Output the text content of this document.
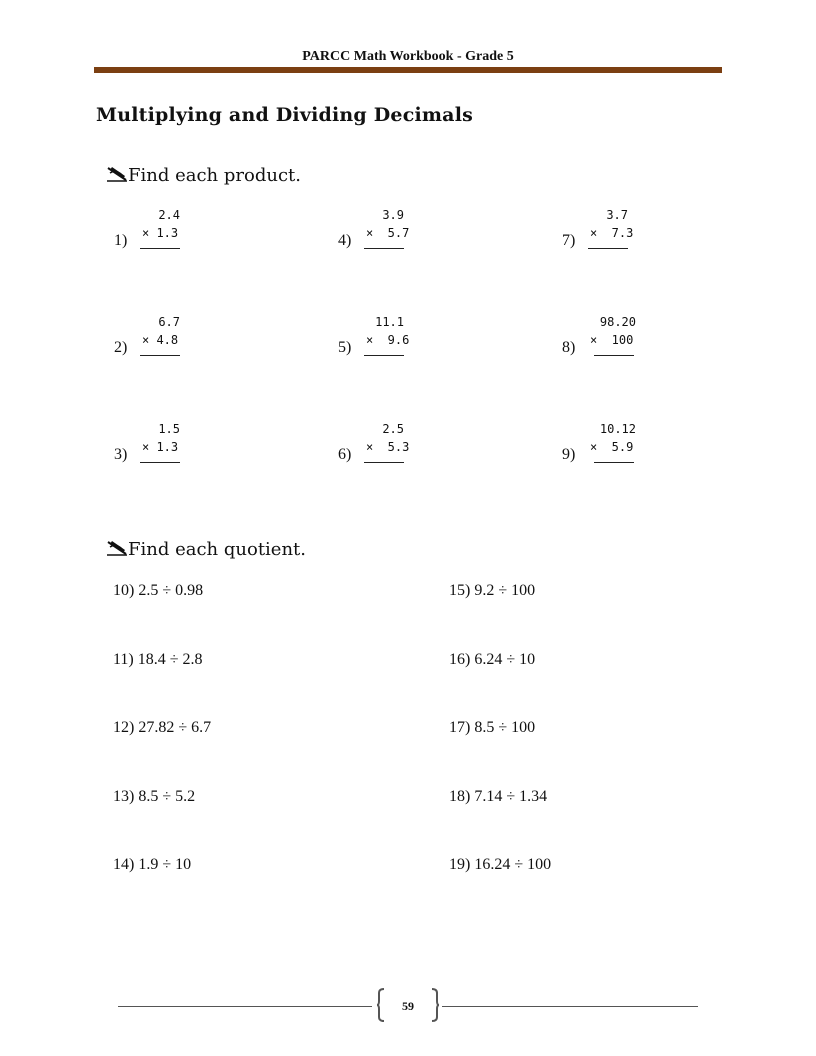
PARCC Math Workbook - Grade 5
Multiplying and Dividing Decimals
Find each product.
1)
2.4
× 1.3
2)
6.7
× 4.8
3)
1.5
× 1.3
4)
3.9
×  5.7
5)
11.1
×  9.6
6)
2.5
×  5.3
7)
3.7
×  7.3
8)
98.20
×  100
9)
10.12
×  5.9
Find each quotient.
10) 2.5 ÷ 0.98
11) 18.4 ÷ 2.8
12) 27.82 ÷ 6.7
13) 8.5 ÷ 5.2
14) 1.9 ÷ 10
15) 9.2 ÷ 100
16) 6.24 ÷ 10
17) 8.5 ÷ 100
18) 7.14 ÷ 1.34
19) 16.24 ÷ 100
59
